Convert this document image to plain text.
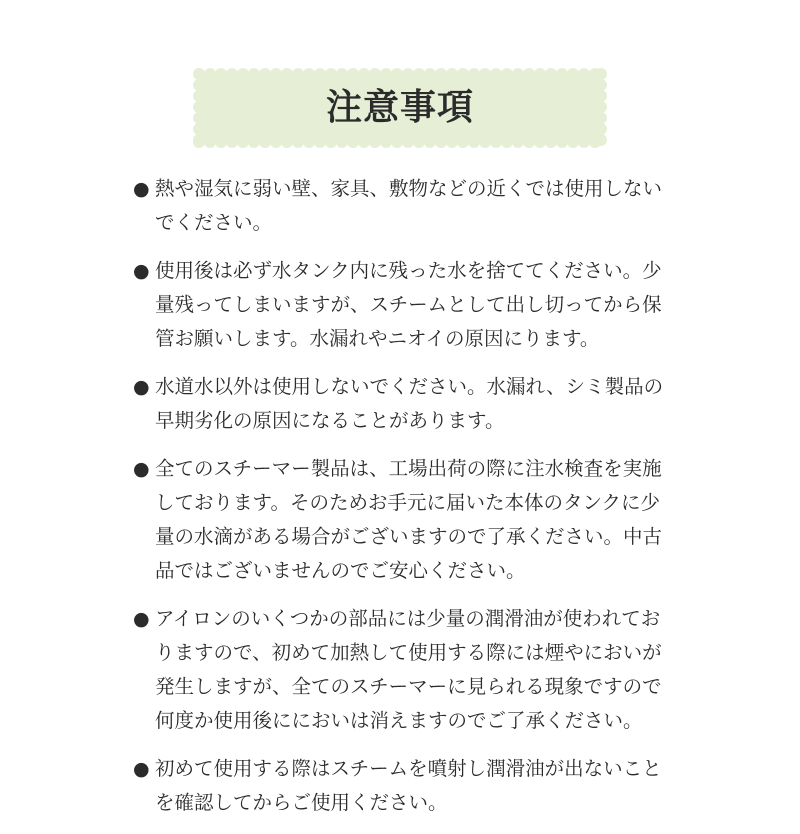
注意事項
● 熱や湿気に弱い壁、家具、敷物などの近くでは使用しないでください。
● 使用後は必ず水タンク内に残った水を捨ててください。少量残ってしまいますが、スチームとして出し切ってから保管お願いします。水漏れやニオイの原因にります。
● 水道水以外は使用しないでください。水漏れ、シミ製品の早期劣化の原因になることがあります。
● 全てのスチーマー製品は、工場出荷の際に注水検査を実施しております。そのためお手元に届いた本体のタンクに少量の水滴がある場合がございますので了承ください。中古品ではございませんのでご安心ください。
● アイロンのいくつかの部品には少量の潤滑油が使われておりますので、初めて加熱して使用する際には煙やにおいが発生しますが、全てのスチーマーに見られる現象ですので何度か使用後ににおいは消えますのでご了承ください。
● 初めて使用する際はスチームを噴射し潤滑油が出ないことを確認してからご使用ください。
